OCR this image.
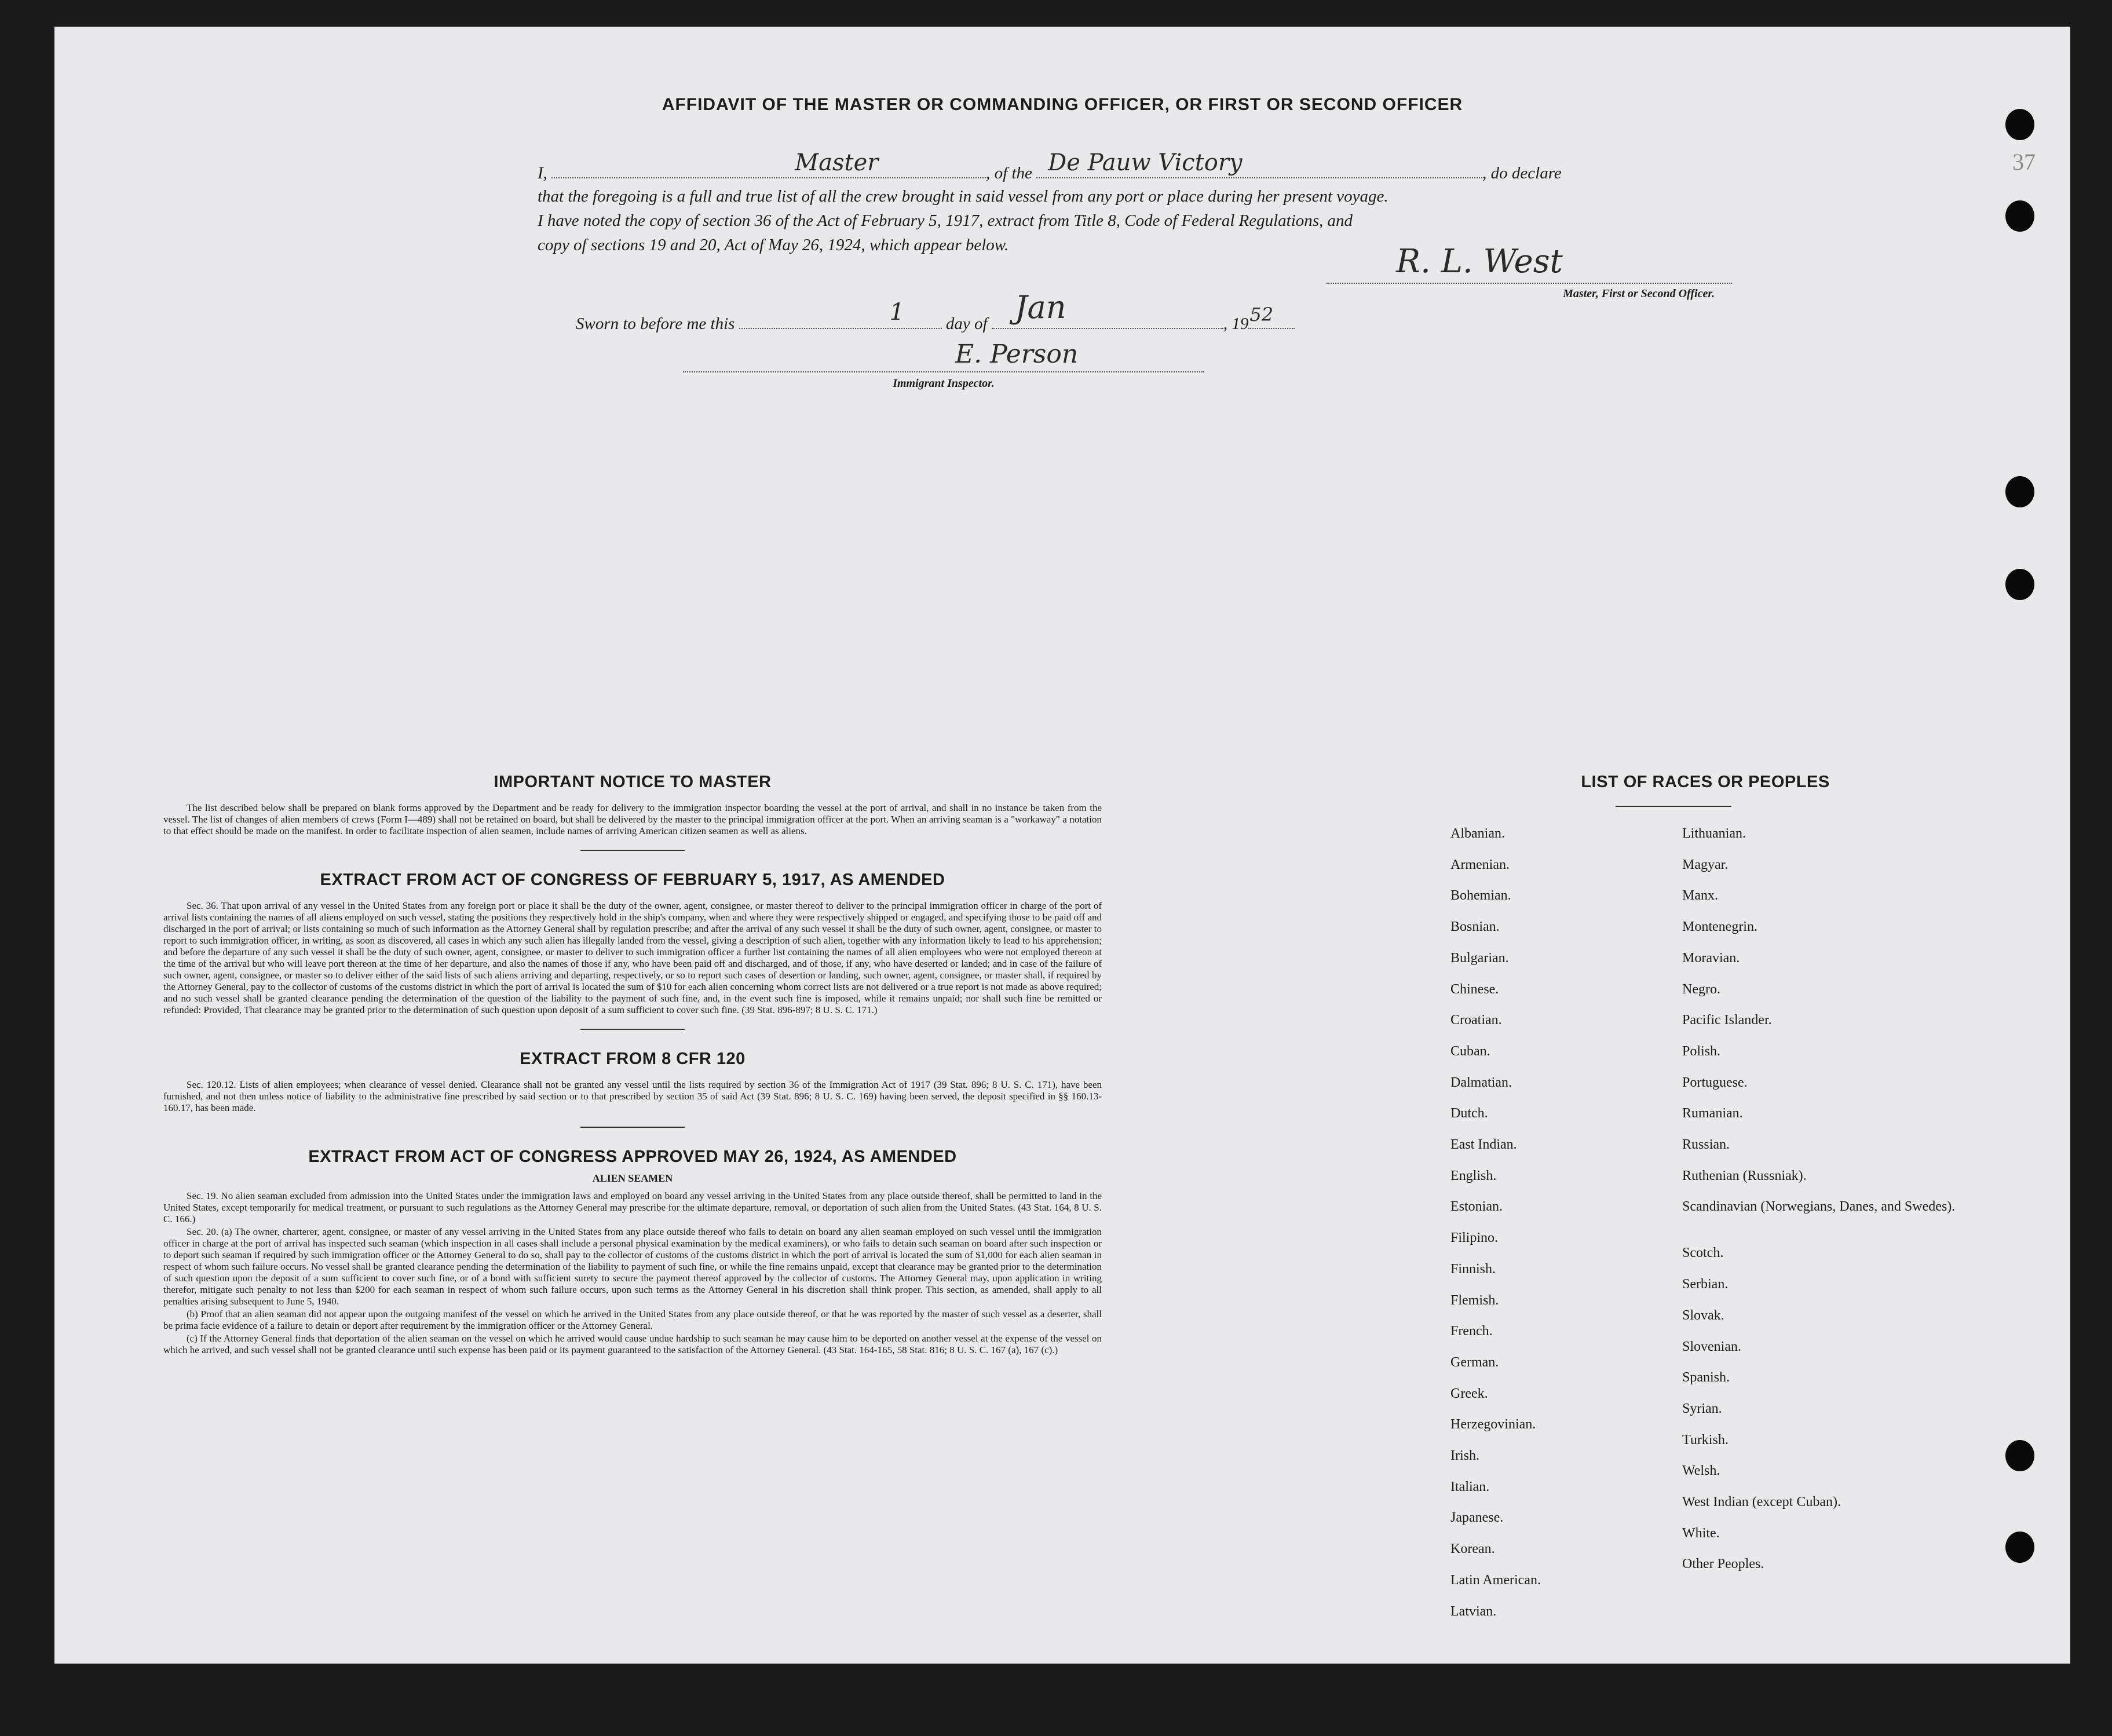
37
AFFIDAVIT OF THE MASTER OR COMMANDING OFFICER, OR FIRST OR SECOND OFFICER
I,	Master	, of the De Pauw Victory	, do declare
that the foregoing is a full and true list of all the crew brought in said vessel from any port or place during her present voyage.
I have noted the copy of section 36 of the Act of February 5, 1917, extract from Title 8, Code of Federal Regulations, and
copy of sections 19 and 20, Act of May 26, 1924, which appear below.	R. L. West
Master, First or Second Officer.
Sworn to before me this	1 day of Jan	, 19 52
E. Person
Immigrant Inspector.
IMPORTANT NOTICE TO MASTER

The list described below shall be prepared on blank forms approved by the Department and be ready for delivery to the immigration inspector boarding the vessel at the port of arrival, and shall in no instance be taken from the vessel. The list of changes of alien members of crews (Form I—489) shall not be retained on board, but shall be delivered by the master to the principal immigration officer at the port. When an arriving seaman is a "workaway" a notation to that effect should be made on the manifest. In order to facilitate inspection of alien seamen, include names of arriving American citizen seamen as well as aliens.

EXTRACT FROM ACT OF CONGRESS OF FEBRUARY 5, 1917, AS AMENDED

Sec. 36. That upon arrival of any vessel in the United States from any foreign port or place it shall be the duty of the owner, agent, consignee, or master thereof to deliver to the principal immigration officer in charge of the port of arrival lists containing the names of all aliens employed on such vessel, stating the positions they respectively hold in the ship's company, when and where they were respectively shipped or engaged, and specifying those to be paid off and discharged in the port of arrival; or lists containing so much of such information as the Attorney General shall by regulation prescribe; and after the arrival of any such vessel it shall be the duty of such owner, agent, consignee, or master to report to such immigration officer, in writing, as soon as discovered, all cases in which any such alien has illegally landed from the vessel, giving a description of such alien, together with any information likely to lead to his apprehension; and before the departure of any such vessel it shall be the duty of such owner, agent, consignee, or master to deliver to such immigration officer a further list containing the names of all alien employees who were not employed thereon at the time of the arrival but who will leave port thereon at the time of her departure, and also the names of those if any, who have been paid off and discharged, and of those, if any, who have deserted or landed; and in case of the failure of such owner, agent, consignee, or master so to deliver either of the said lists of such aliens arriving and departing, respectively, or so to report such cases of desertion or landing, such owner, agent, consignee, or master shall, if required by the Attorney General, pay to the collector of customs of the customs district in which the port of arrival is located the sum of $10 for each alien concerning whom correct lists are not delivered or a true report is not made as above required; and no such vessel shall be granted clearance pending the determination of the question of the liability to the payment of such fine, and, in the event such fine is imposed, while it remains unpaid; nor shall such fine be remitted or refunded: Provided, That clearance may be granted prior to the determination of such question upon deposit of a sum sufficient to cover such fine. (39 Stat. 896-897; 8 U. S. C. 171.)

EXTRACT FROM 8 CFR 120

Sec. 120.12. Lists of alien employees; when clearance of vessel denied. Clearance shall not be granted any vessel until the lists required by section 36 of the Immigration Act of 1917 (39 Stat. 896; 8 U. S. C. 171), have been furnished, and not then unless notice of liability to the administrative fine prescribed by said section or to that prescribed by section 35 of said Act (39 Stat. 896; 8 U. S. C. 169) having been served, the deposit specified in §§ 160.13-160.17, has been made.

EXTRACT FROM ACT OF CONGRESS APPROVED MAY 26, 1924, AS AMENDED
ALIEN SEAMEN

Sec. 19. No alien seaman excluded from admission into the United States under the immigration laws and employed on board any vessel arriving in the United States from any place outside thereof, shall be permitted to land in the United States, except temporarily for medical treatment, or pursuant to such regulations as the Attorney General may prescribe for the ultimate departure, removal, or deportation of such alien from the United States. (43 Stat. 164, 8 U. S. C. 166.)

Sec. 20. (a) The owner, charterer, agent, consignee, or master of any vessel arriving in the United States from any place outside thereof who fails to detain on board any alien seaman employed on such vessel until the immigration officer in charge at the port of arrival has inspected such seaman (which inspection in all cases shall include a personal physical examination by the medical examiners), or who fails to detain such seaman on board after such inspection or to deport such seaman if required by such immigration officer or the Attorney General to do so, shall pay to the collector of customs of the customs district in which the port of arrival is located the sum of $1,000 for each alien seaman in respect of whom such failure occurs. No vessel shall be granted clearance pending the determination of the liability to payment of such fine, or while the fine remains unpaid, except that clearance may be granted prior to the determination of such question upon the deposit of a sum sufficient to cover such fine, or of a bond with sufficient surety to secure the payment thereof approved by the collector of customs. The Attorney General may, upon application in writing therefor, mitigate such penalty to not less than $200 for each seaman in respect of whom such failure occurs, upon such terms as the Attorney General in his discretion shall think proper. This section, as amended, shall apply to all penalties arising subsequent to June 5, 1940.

(b) Proof that an alien seaman did not appear upon the outgoing manifest of the vessel on which he arrived in the United States from any place outside thereof, or that he was reported by the master of such vessel as a deserter, shall be prima facie evidence of a failure to detain or deport after requirement by the immigration officer or the Attorney General.

(c) If the Attorney General finds that deportation of the alien seaman on the vessel on which he arrived would cause undue hardship to such seaman he may cause him to be deported on another vessel at the expense of the vessel on which he arrived, and such vessel shall not be granted clearance until such expense has been paid or its payment guaranteed to the satisfaction of the Attorney General. (43 Stat. 164-165, 58 Stat. 816; 8 U. S. C. 167 (a), 167 (c).)

LIST OF RACES OR PEOPLES
Albanian.
Armenian.
Bohemian.
Bosnian.
Bulgarian.
Chinese.
Croatian.
Cuban.
Dalmatian.
Dutch.
East Indian.
English.
Estonian.
Filipino.
Finnish.
Flemish.
French.
German.
Greek.
Herzegovinian.
Irish.
Italian.
Japanese.
Korean.
Latin American.
Latvian.
Lithuanian.
Magyar.
Manx.
Montenegrin.
Moravian.
Negro.
Pacific Islander.
Polish.
Portuguese.
Rumanian.
Russian.
Ruthenian (Russniak).
Scandinavian (Norwegians, Danes, and Swedes).
Scotch.
Serbian.
Slovak.
Slovenian.
Spanish.
Syrian.
Turkish.
Welsh.
West Indian (except Cuban).
White.
Other Peoples.
